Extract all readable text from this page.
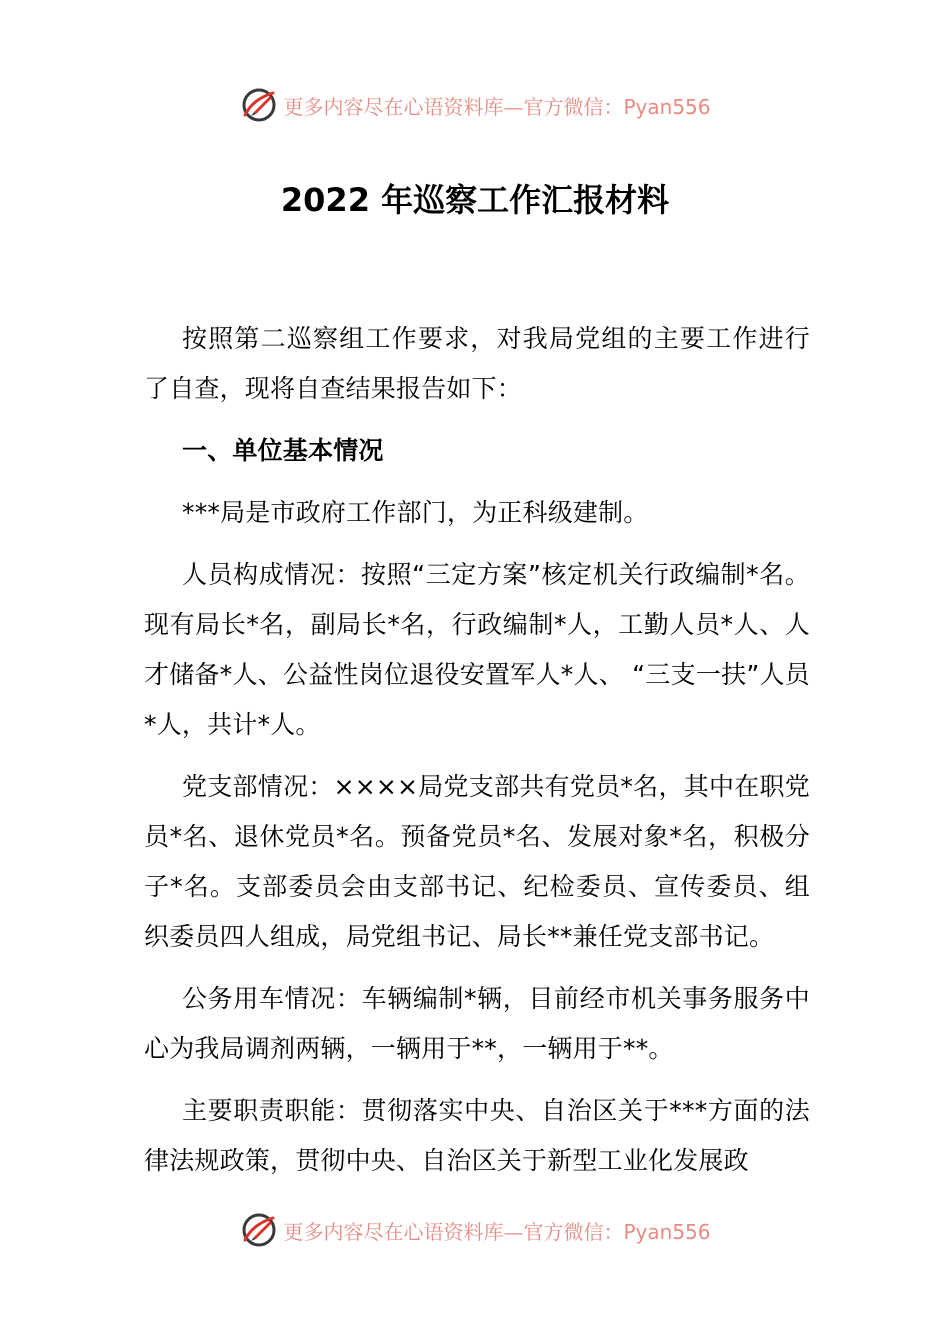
更多内容尽在心语资料库—官方微信：Pyan556
2022 年巡察工作汇报材料

按照第二巡察组工作要求，对我局党组的主要工作进行了自查，现将自查结果报告如下：

一、单位基本情况

***局是市政府工作部门，为正科级建制。

人员构成情况：按照“三定方案”核定机关行政编制*名。现有局长*名，副局长*名，行政编制*人，工勤人员*人、人才储备*人、公益性岗位退役安置军人*人、 “三支一扶”人员*人，共计*人。

党支部情况：××××局党支部共有党员*名，其中在职党员*名、退休党员*名。预备党员*名、发展对象*名，积极分子*名。支部委员会由支部书记、纪检委员、宣传委员、组织委员四人组成，局党组书记、局长**兼任党支部书记。

公务用车情况：车辆编制*辆，目前经市机关事务服务中心为我局调剂两辆，一辆用于**，一辆用于**。

主要职责职能：贯彻落实中央、自治区关于***方面的法律法规政策，贯彻中央、自治区关于新型工业化发展政

更多内容尽在心语资料库—官方微信：Pyan556
